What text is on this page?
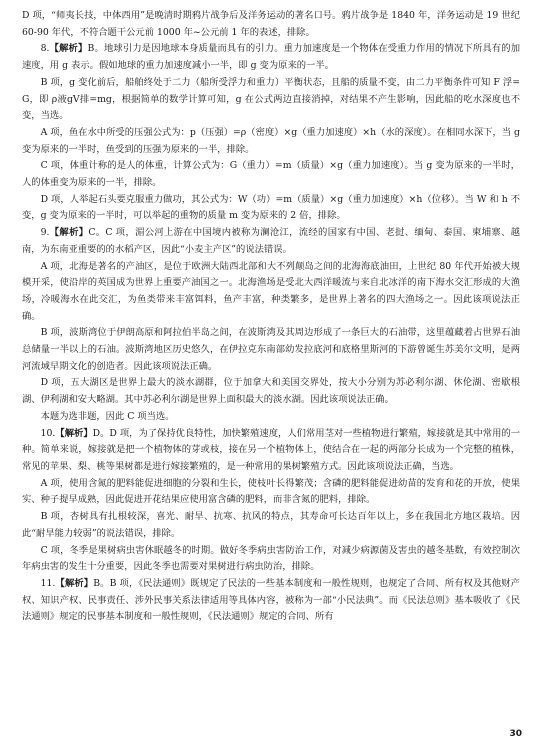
D 项，“师夷长技，中体西用”是晚清时期鸦片战争后及洋务运动的著名口号。鸦片战争是 1840 年，洋务运动是 19 世纪 60-90 年代，不符合题干公元前 1000 年~公元前 1 年的表述，排除。

8.【解析】B。地球引力是因地球本身质量而具有的引力。重力加速度是一个物体在受重力作用的情况下所具有的加速度，用 g 表示。假如地球的重力加速度减小一半，即 g 变为原来的一半。

B 项，g 变化前后，船舶终处于二力（船所受浮力和重力）平衡状态，且船的质量不变，由二力平衡条件可知 F 浮=G，即 ρ液gV排=mg，根据简单的数学计算可知，g 在公式两边直接消掉，对结果不产生影响，因此船的吃水深度也不变，当选。

A 项，鱼在水中所受的压强公式为：p（压强）=ρ（密度）×g（重力加速度）×h（水的深度）。在相同水深下，当 g 变为原来的一半时，鱼受到的压强为原来的一半，排除。

C 项，体重计称的是人的体重，计算公式为：G（重力）=m（质量）×g（重力加速度）。当 g 变为原来的一半时，人的体重变为原来的一半，排除。

D 项，人举起石头要克服重力做功，其公式为：W（功）=m（质量）×g（重力加速度）×h（位移）。当 W 和 h 不变，g 变为原来的一半时，可以举起的重物的质量 m 变为原来的 2 倍，排除。

9.【解析】C。C 项，湄公河上游在中国境内被称为澜沧江，流经的国家有中国、老挝、缅甸、泰国、柬埔寨、越南，为东南亚重要的的水稻产区，因此“小麦主产区”的说法错误。

A 项，北海是著名的产油区，是位于欧洲大陆西北部和大不列颠岛之间的北海海底油田，上世纪 80 年代开始被大规模开采，使沿岸的英国成为世界上重要产油国之一。北海渔场是受北大西洋暖流与来自北冰洋的南下海水交汇形成的大渔场，冷暖海水在此交汇，为鱼类带来丰富饵料，鱼产丰富，种类繁多，是世界上著名的四大渔场之一。因此该项说法正确。

B 项，波斯湾位于伊朗高原和阿拉伯半岛之间，在波斯湾及其周边形成了一条巨大的石油带，这里蕴藏着占世界石油总储量一半以上的石油。波斯湾地区历史悠久，在伊拉克东南部幼发拉底河和底格里斯河的下游曾诞生苏美尔文明，是两河流域早期文化的创造者。因此该项说法正确。

D 项，五大湖区是世界上最大的淡水湖群，位于加拿大和美国交界处，按大小分别为苏必利尔湖、休伦湖、密歇根湖、伊利湖和安大略湖。其中苏必利尔湖是世界上面积最大的淡水湖。因此该项说法正确。

本题为选非题，因此 C 项当选。

10.【解析】D。D 项，为了保持优良特性，加快繁殖速度，人们常用茎对一些植物进行繁殖，嫁接就是其中常用的一种。简单来说，嫁接就是把一个植物体的芽或枝，接在另一个植物体上，使结合在一起的两部分长成为一个完整的植株，常见的苹果、梨、桃等果树都是进行嫁接繁殖的，是一种常用的果树繁殖方式。因此该项说法正确，当选。

A 项，使用含氮的肥料能促进细胞的分裂和生长，使枝叶长得繁茂；含磷的肥料能促进幼苗的发育和花的开放，使果实、种子提早成熟，因此促进开花结果应使用富含磷的肥料，而非含氮的肥料，排除。

B 项，杏树具有扎根较深，喜光、耐旱、抗寒、抗风的特点，其寿命可长达百年以上，多在我国北方地区栽培。因此“耐旱能力较弱”的说法错误，排除。

C 项，冬季是果树病虫害休眠越冬的时期。做好冬季病虫害防治工作，对减少病源菌及害虫的越冬基数，有效控制次年病虫害的发生十分重要，因此冬季也需要对果树进行病虫防治，排除。

11.【解析】B。B 项，《民法通则》既规定了民法的一些基本制度和一般性规则，也规定了合同、所有权及其他财产权、知识产权、民事责任、涉外民事关系法律适用等具体内容，被称为一部“小民法典”。而《民法总则》基本吸收了《民法通则》规定的民事基本制度和一般性规则，《民法通则》规定的合同、所有

30
